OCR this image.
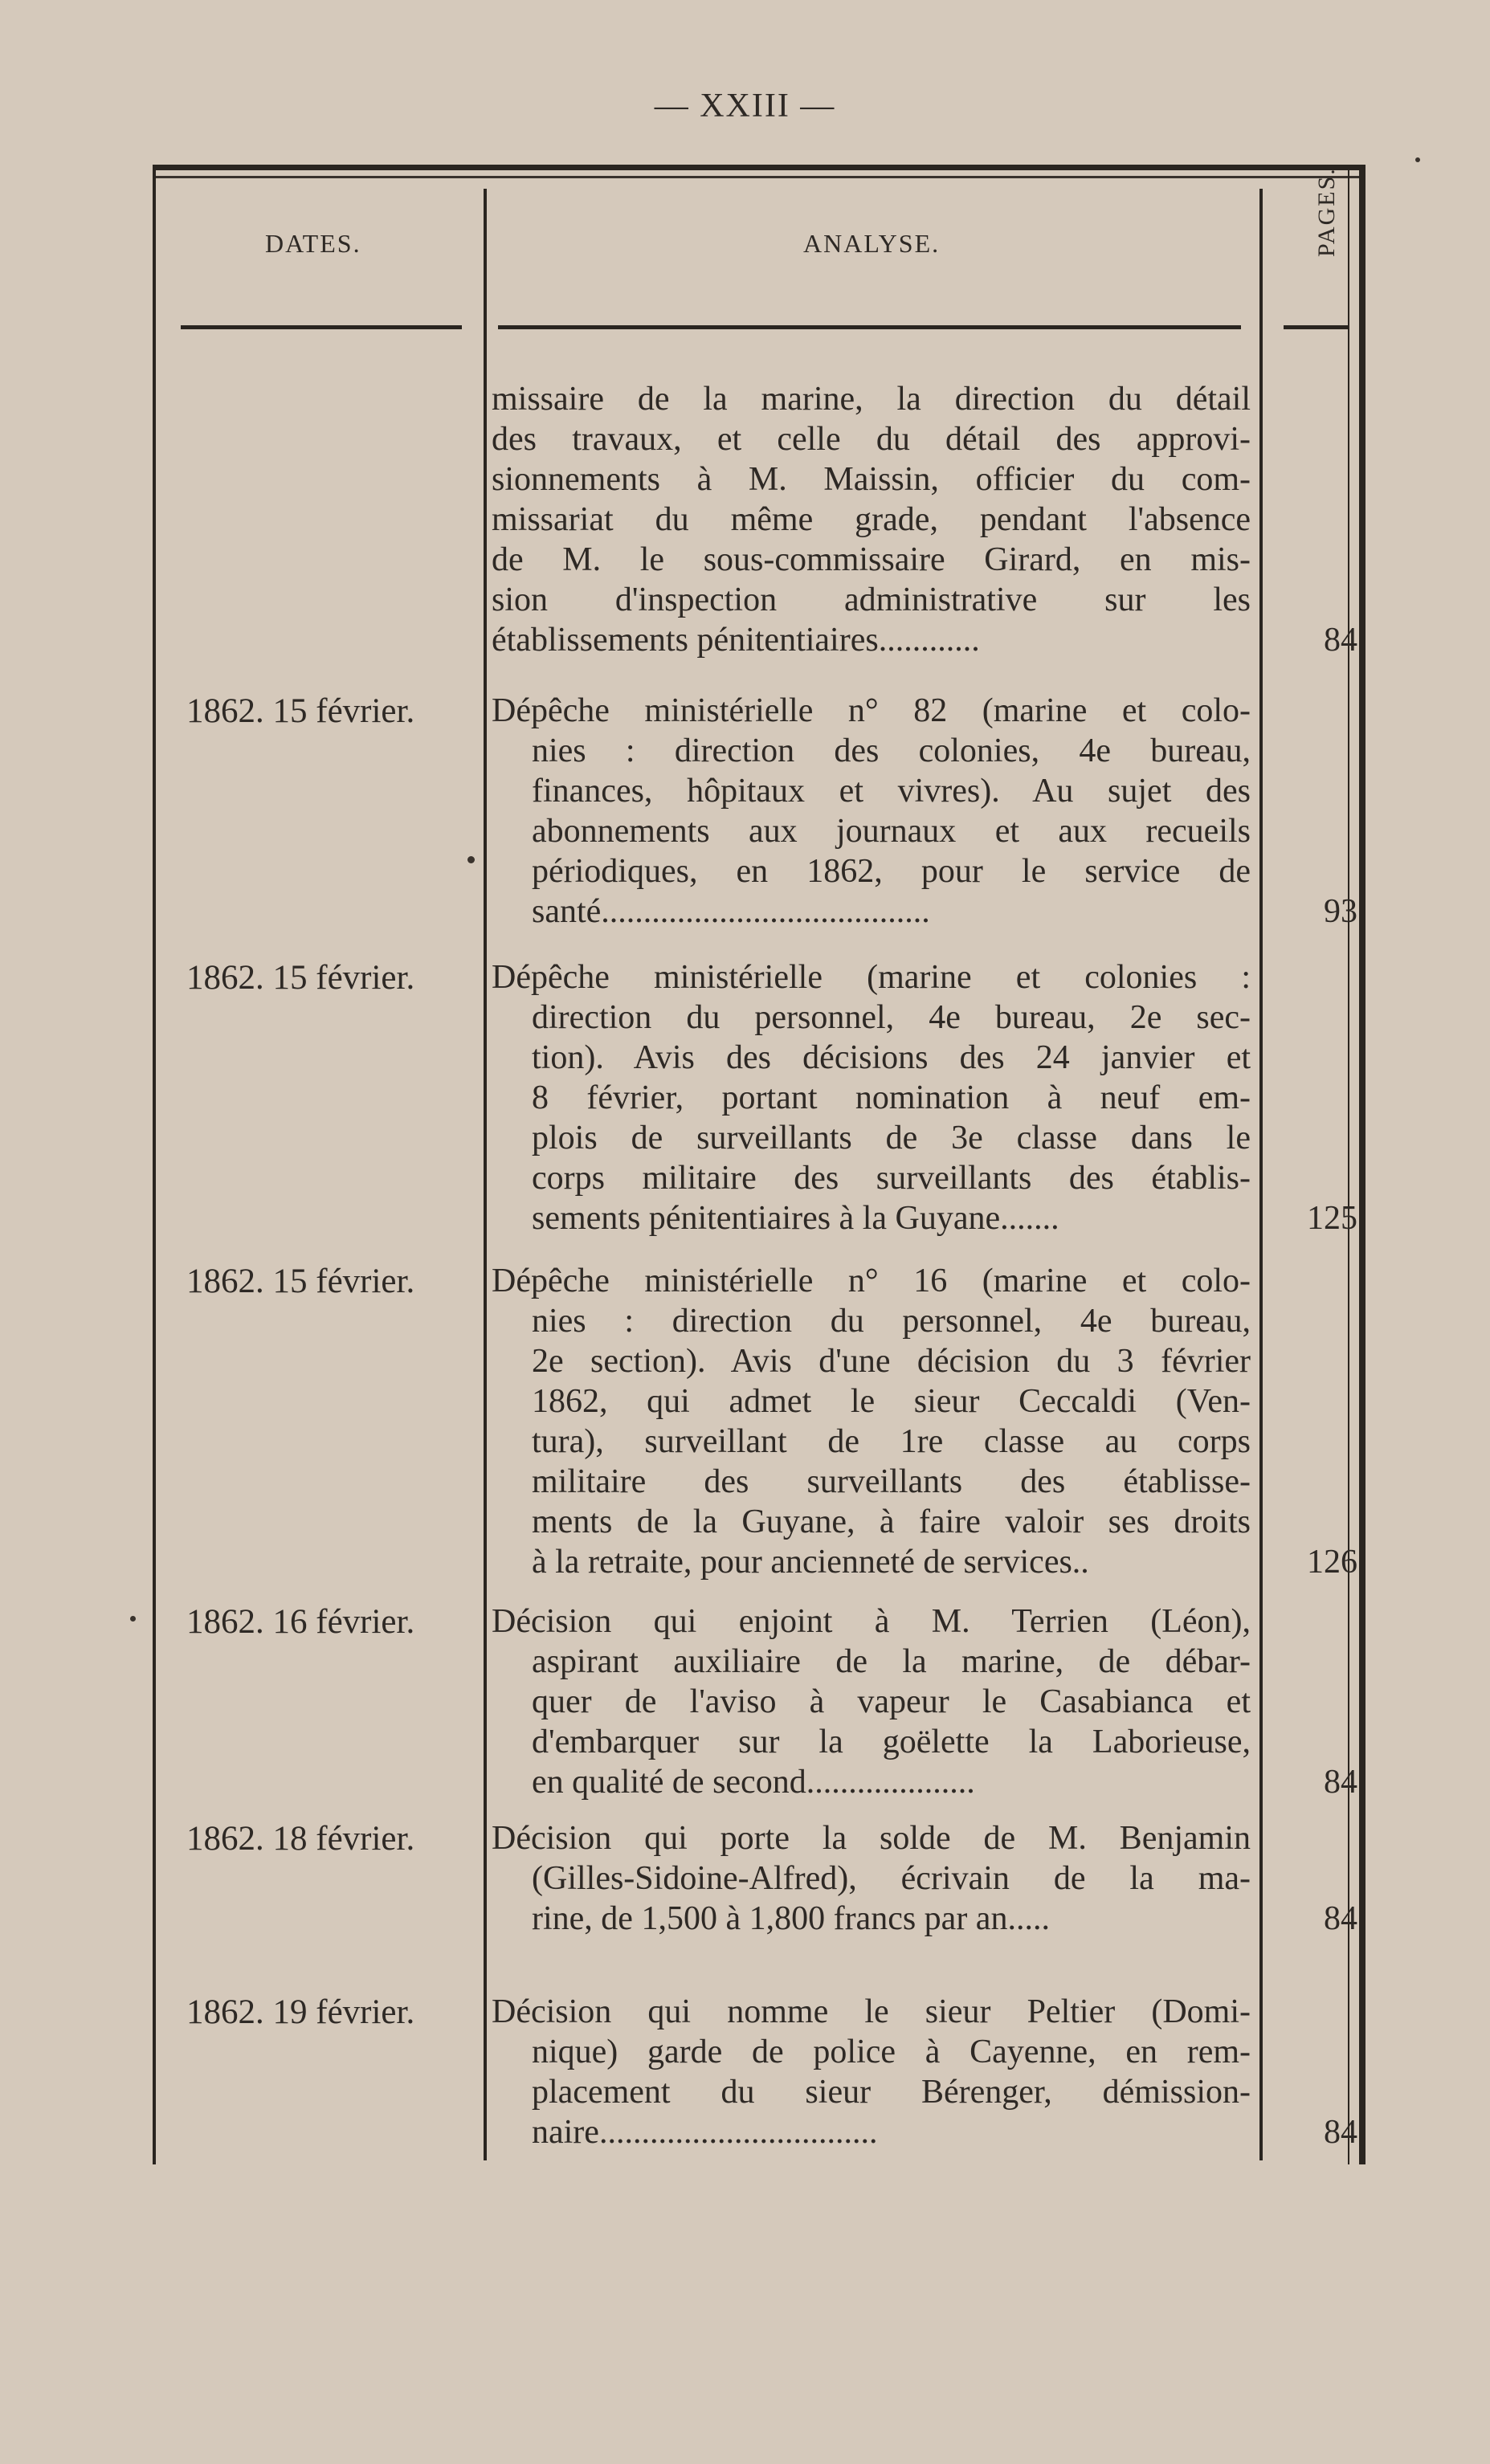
— XXIII —
DATES.	ANALYSE.	PAGES.
missaire de la marine, la direction du détail
des travaux, et celle du détail des approvi-
sionnements à M. Maissin, officier du com-
missariat du même grade, pendant l'absence
de M. le sous-commissaire Girard, en mis-
sion d'inspection administrative sur les
établissements pénitentiaires............	84
1862. 15 février.	Dépêche ministérielle n° 82 (marine et colo-
nies : direction des colonies, 4e bureau,
finances, hôpitaux et vivres). Au sujet des
abonnements aux journaux et aux recueils
périodiques, en 1862, pour le service de
santé.......................................	93
1862. 15 février.	Dépêche ministérielle (marine et colonies :
direction du personnel, 4e bureau, 2e sec-
tion). Avis des décisions des 24 janvier et
8 février, portant nomination à neuf em-
plois de surveillants de 3e classe dans le
corps militaire des surveillants des établis-
sements pénitentiaires à la Guyane.......	125
1862. 15 février.	Dépêche ministérielle n° 16 (marine et colo-
nies : direction du personnel, 4e bureau,
2e section). Avis d'une décision du 3 février
1862, qui admet le sieur Ceccaldi (Ven-
tura), surveillant de 1re classe au corps
militaire des surveillants des établisse-
ments de la Guyane, à faire valoir ses droits
à la retraite, pour ancienneté de services..	126
1862. 16 février.	Décision qui enjoint à M. Terrien (Léon),
aspirant auxiliaire de la marine, de débar-
quer de l'aviso à vapeur le Casabianca et
d'embarquer sur la goëlette la Laborieuse,
en qualité de second....................	84
1862. 18 février.	Décision qui porte la solde de M. Benjamin
(Gilles-Sidoine-Alfred), écrivain de la ma-
rine, de 1,500 à 1,800 francs par an.....	84
1862. 19 février.	Décision qui nomme le sieur Peltier (Domi-
nique) garde de police à Cayenne, en rem-
placement du sieur Bérenger, démission-
naire.................................	84
